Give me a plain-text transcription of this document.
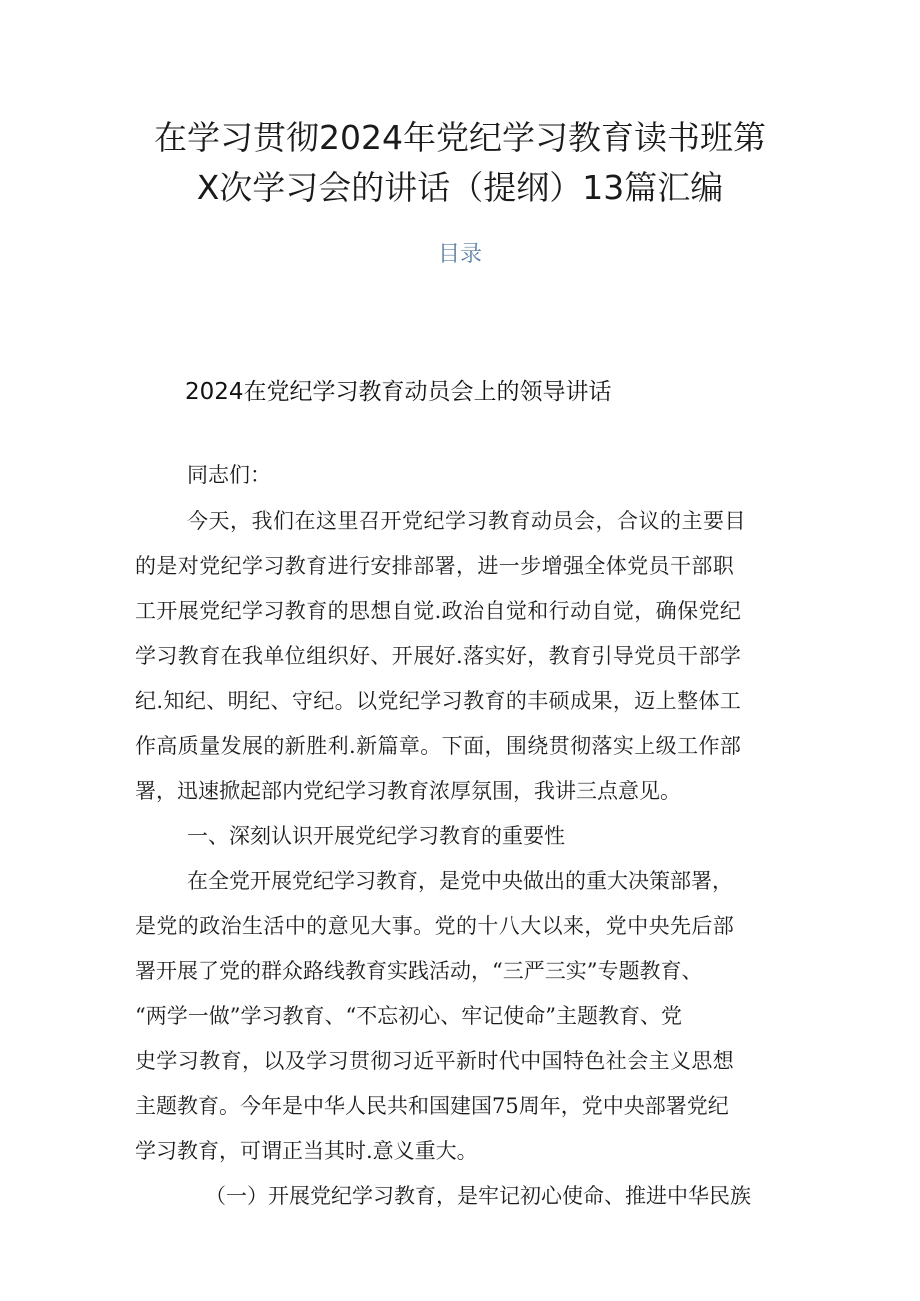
在学习贯彻2024年党纪学习教育读书班第
X次学习会的讲话（提纲）13篇汇编
目录
2024在党纪学习教育动员会上的领导讲话
同志们：
今天，我们在这里召开党纪学习教育动员会，合议的主要目
的是对党纪学习教育进行安排部署，进一步增强全体党员干部职
工开展党纪学习教育的思想自觉.政治自觉和行动自觉，确保党纪
学习教育在我单位组织好、开展好.落实好，教育引导党员干部学
纪.知纪、明纪、守纪。以党纪学习教育的丰硕成果，迈上整体工
作高质量发展的新胜利.新篇章。下面，围绕贯彻落实上级工作部
署，迅速掀起部内党纪学习教育浓厚氛围，我讲三点意见。
一、深刻认识开展党纪学习教育的重要性
在全党开展党纪学习教育，是党中央做出的重大决策部署，
是党的政治生活中的意见大事。党的十八大以来，党中央先后部
署开展了党的群众路线教育实践活动，“三严三实”专题教育、
“两学一做”学习教育、“不忘初心、牢记使命”主题教育、党
史学习教育，以及学习贯彻习近平新时代中国特色社会主义思想
主题教育。今年是中华人民共和国建国75周年，党中央部署党纪
学习教育，可谓正当其时.意义重大。
（一）开展党纪学习教育，是牢记初心使命、推进中华民族
